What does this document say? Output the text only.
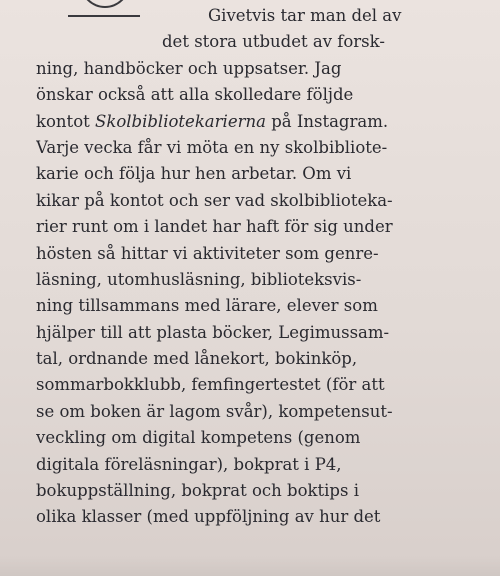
Givetvis tar man del av
det stora utbudet av forsk-
ning, handböcker och uppsatser. Jag
önskar också att alla skolledare följde
kontot Skolbibliotekarierna på Instagram.
Varje vecka får vi möta en ny skolbibliote-
karie och följa hur hen arbetar. Om vi
kikar på kontot och ser vad skolbiblioteka-
rier runt om i landet har haft för sig under
hösten så hittar vi aktiviteter som genre-
läsning, utomhusläsning, biblioteksvis-
ning tillsammans med lärare, elever som
hjälper till att plasta böcker, Legimussam-
tal, ordnande med lånekort, bokinköp,
sommarbokklubb, femfingertestet (för att
se om boken är lagom svår), kompetensut-
veckling om digital kompetens (genom
digitala föreläsningar), bokprat i P4,
bokuppställning, bokprat och boktips i
olika klasser (med uppföljning av hur det
